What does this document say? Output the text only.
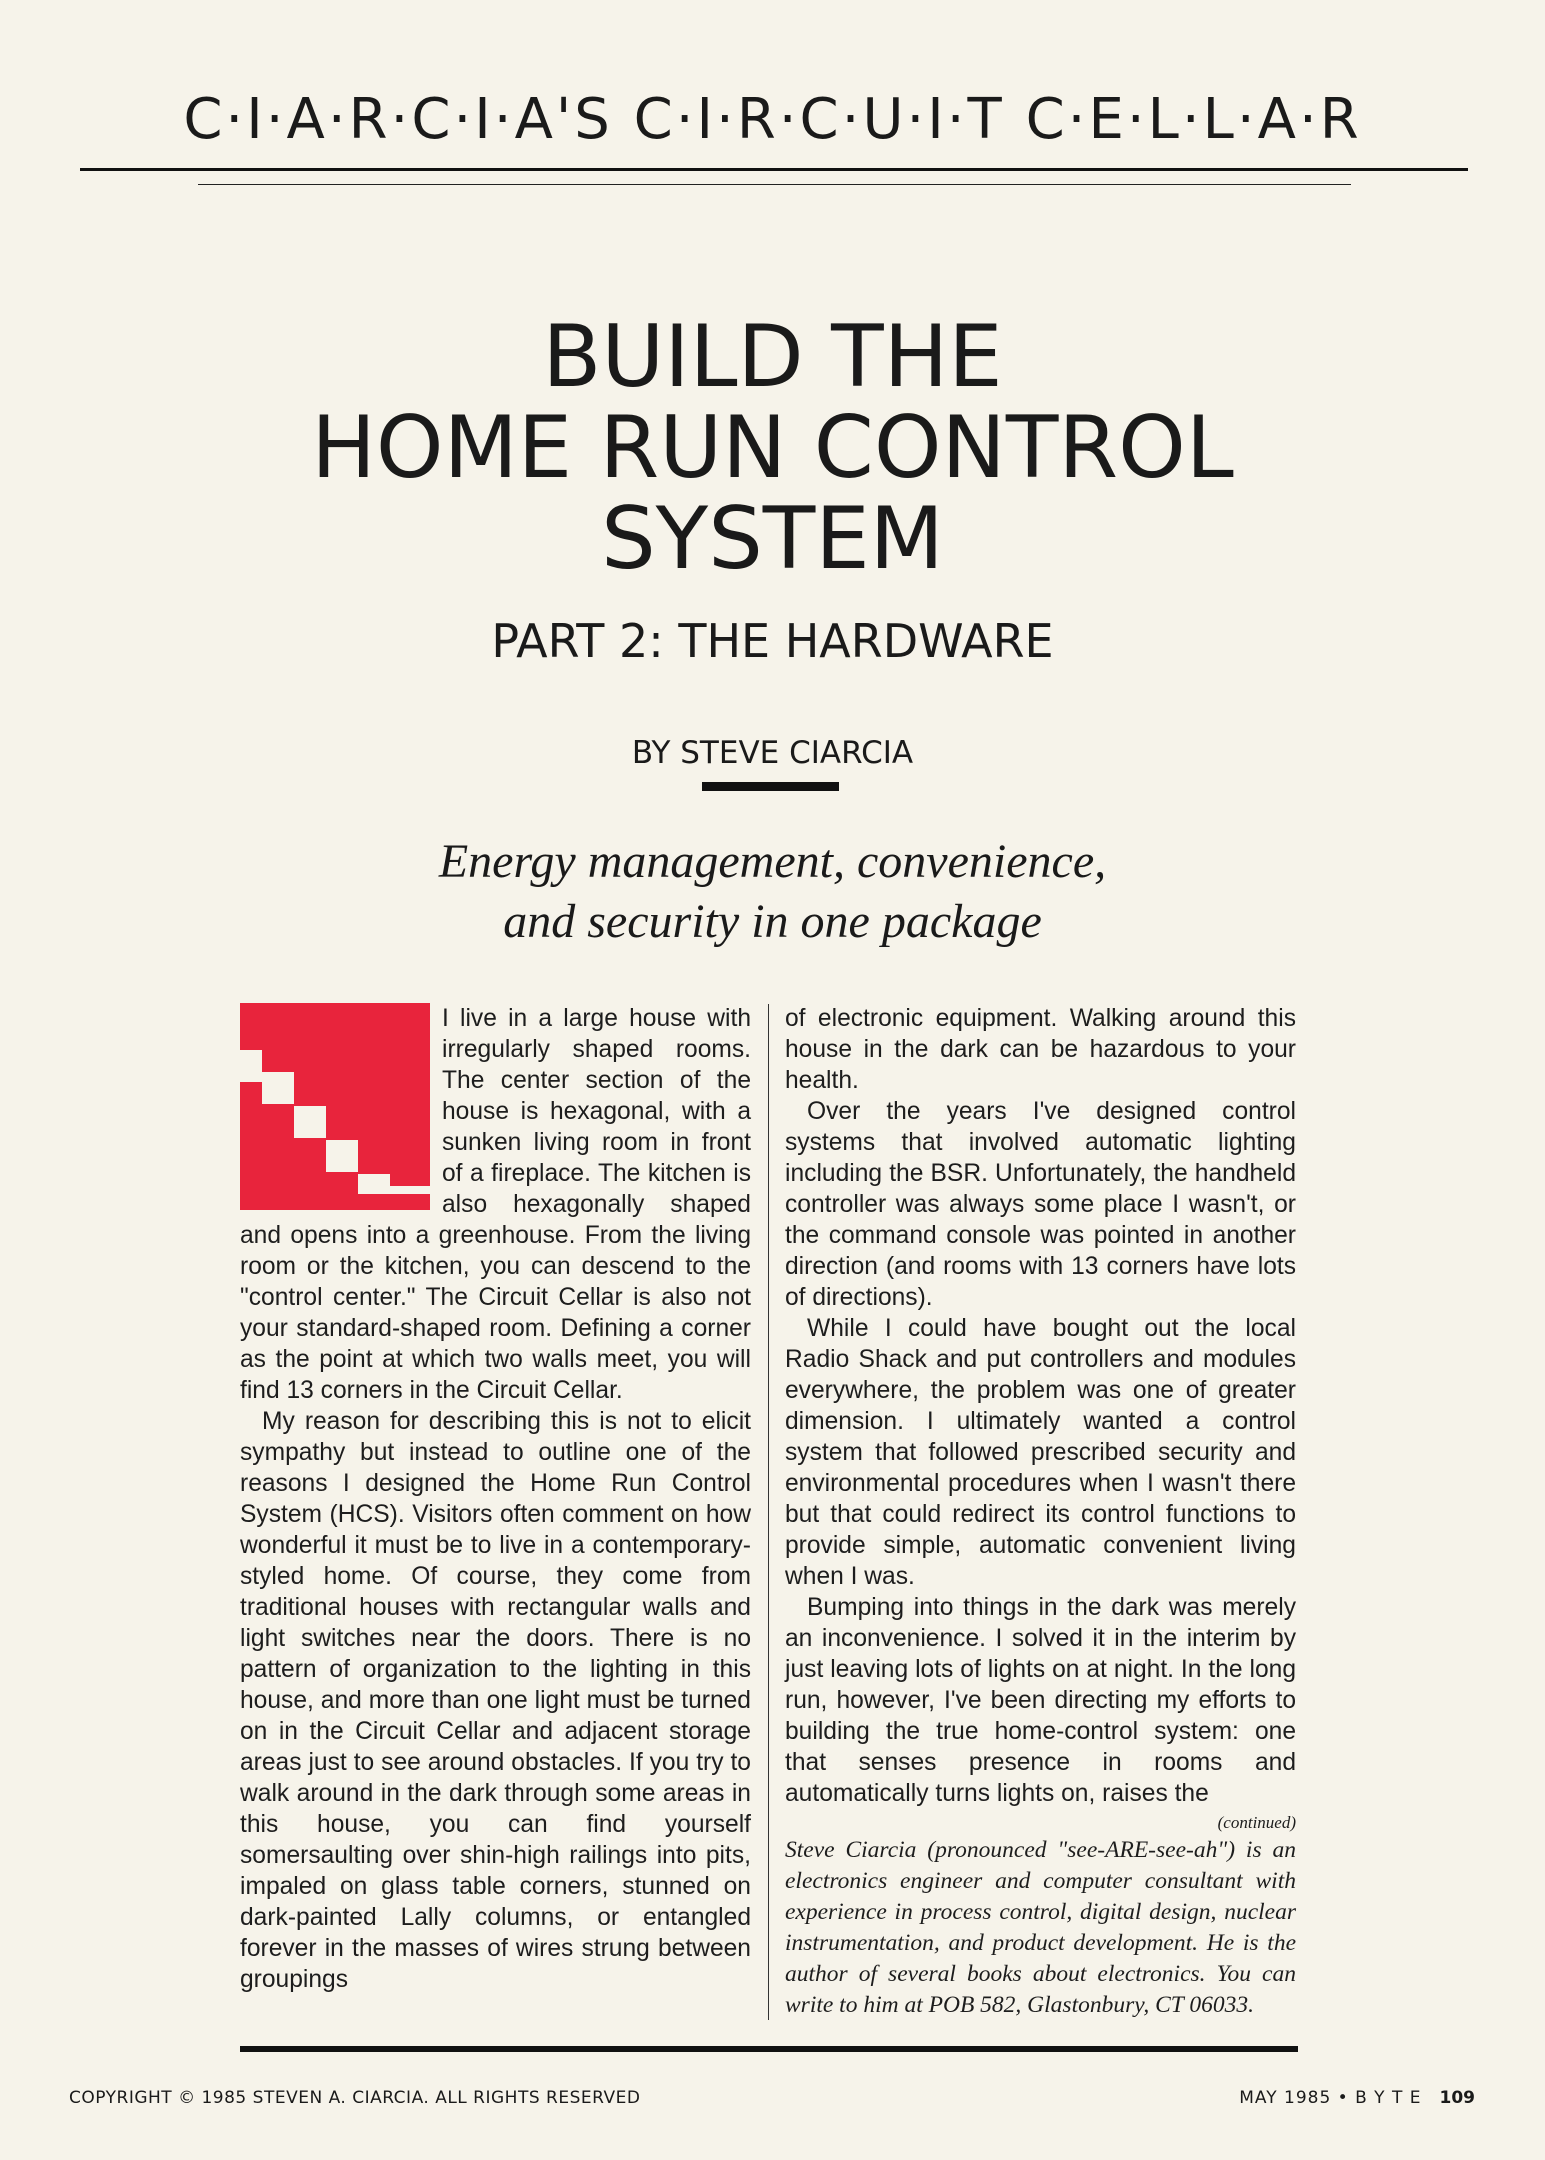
C·I·A·R·C·I·A'S C·I·R·C·U·I·T C·E·L·L·A·R
BUILD THE
HOME RUN CONTROL
SYSTEM
PART 2: THE HARDWARE
BY STEVE CIARCIA
Energy management, convenience,
and security in one package

I live in a large house with irregularly shaped rooms. The center section of the house is hexagonal, with a sunken living room in front of a fireplace. The kitchen is also hexagonally shaped and opens into a greenhouse. From the living room or the kitchen, you can descend to the "control center." The Circuit Cellar is also not your standard-shaped room. Defining a corner as the point at which two walls meet, you will find 13 corners in the Circuit Cellar.

My reason for describing this is not to elicit sympathy but instead to outline one of the reasons I designed the Home Run Control System (HCS). Visitors often comment on how wonderful it must be to live in a contemporary-styled home. Of course, they come from traditional houses with rectangular walls and light switches near the doors. There is no pattern of organization to the lighting in this house, and more than one light must be turned on in the Circuit Cellar and adjacent storage areas just to see around obstacles. If you try to walk around in the dark through some areas in this house, you can find yourself somersaulting over shin-high railings into pits, impaled on glass table corners, stunned on dark-painted Lally columns, or entangled forever in the masses of wires strung between groupings

of electronic equipment. Walking around this house in the dark can be hazardous to your health.

Over the years I've designed control systems that involved automatic lighting including the BSR. Unfortunately, the handheld controller was always some place I wasn't, or the command console was pointed in another direction (and rooms with 13 corners have lots of directions).

While I could have bought out the local Radio Shack and put controllers and modules everywhere, the problem was one of greater dimension. I ultimately wanted a control system that followed prescribed security and environmental procedures when I wasn't there but that could redirect its control functions to provide simple, automatic convenient living when I was.

Bumping into things in the dark was merely an inconvenience. I solved it in the interim by just leaving lots of lights on at night. In the long run, however, I've been directing my efforts to building the true home-control system: one that senses presence in rooms and automatically turns lights on, raises the

(continued)
Steve Ciarcia (pronounced "see-ARE-see-ah") is an electronics engineer and computer consultant with experience in process control, digital design, nuclear instrumentation, and product development. He is the author of several books about electronics. You can write to him at POB 582, Glastonbury, CT 06033.
COPYRIGHT © 1985 STEVEN A. CIARCIA. ALL RIGHTS RESERVED	MAY 1985 • B Y T E 109
